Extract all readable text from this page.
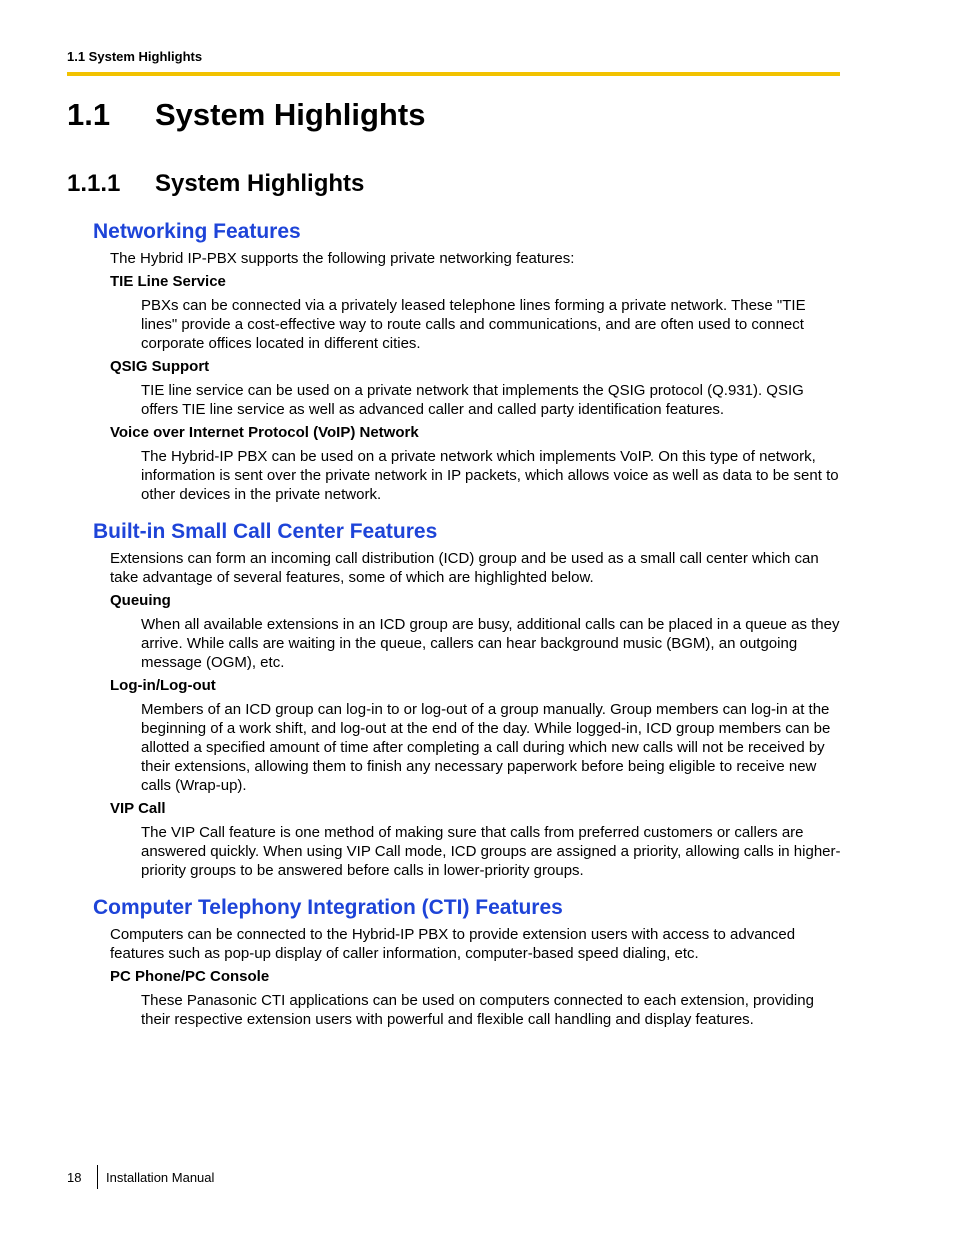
1.1 System Highlights
1.1 System Highlights
1.1.1 System Highlights
Networking Features

The Hybrid IP-PBX supports the following private networking features:

TIE Line Service
PBXs can be connected via a privately leased telephone lines forming a private network. These "TIE lines" provide a cost-effective way to route calls and communications, and are often used to connect corporate offices located in different cities.
QSIG Support
TIE line service can be used on a private network that implements the QSIG protocol (Q.931). QSIG offers TIE line service as well as advanced caller and called party identification features.
Voice over Internet Protocol (VoIP) Network
The Hybrid-IP PBX can be used on a private network which implements VoIP. On this type of network, information is sent over the private network in IP packets, which allows voice as well as data to be sent to other devices in the private network.
Built-in Small Call Center Features

Extensions can form an incoming call distribution (ICD) group and be used as a small call center which can take advantage of several features, some of which are highlighted below.

Queuing
When all available extensions in an ICD group are busy, additional calls can be placed in a queue as they arrive. While calls are waiting in the queue, callers can hear background music (BGM), an outgoing message (OGM), etc.
Log-in/Log-out
Members of an ICD group can log-in to or log-out of a group manually. Group members can log-in at the beginning of a work shift, and log-out at the end of the day. While logged-in, ICD group members can be allotted a specified amount of time after completing a call during which new calls will not be received by their extensions, allowing them to finish any necessary paperwork before being eligible to receive new calls (Wrap-up).
VIP Call
The VIP Call feature is one method of making sure that calls from preferred customers or callers are answered quickly. When using VIP Call mode, ICD groups are assigned a priority, allowing calls in higher-priority groups to be answered before calls in lower-priority groups.
Computer Telephony Integration (CTI) Features

Computers can be connected to the Hybrid-IP PBX to provide extension users with access to advanced features such as pop-up display of caller information, computer-based speed dialing, etc.

PC Phone/PC Console
These Panasonic CTI applications can be used on computers connected to each extension, providing their respective extension users with powerful and flexible call handling and display features.
18	Installation Manual
